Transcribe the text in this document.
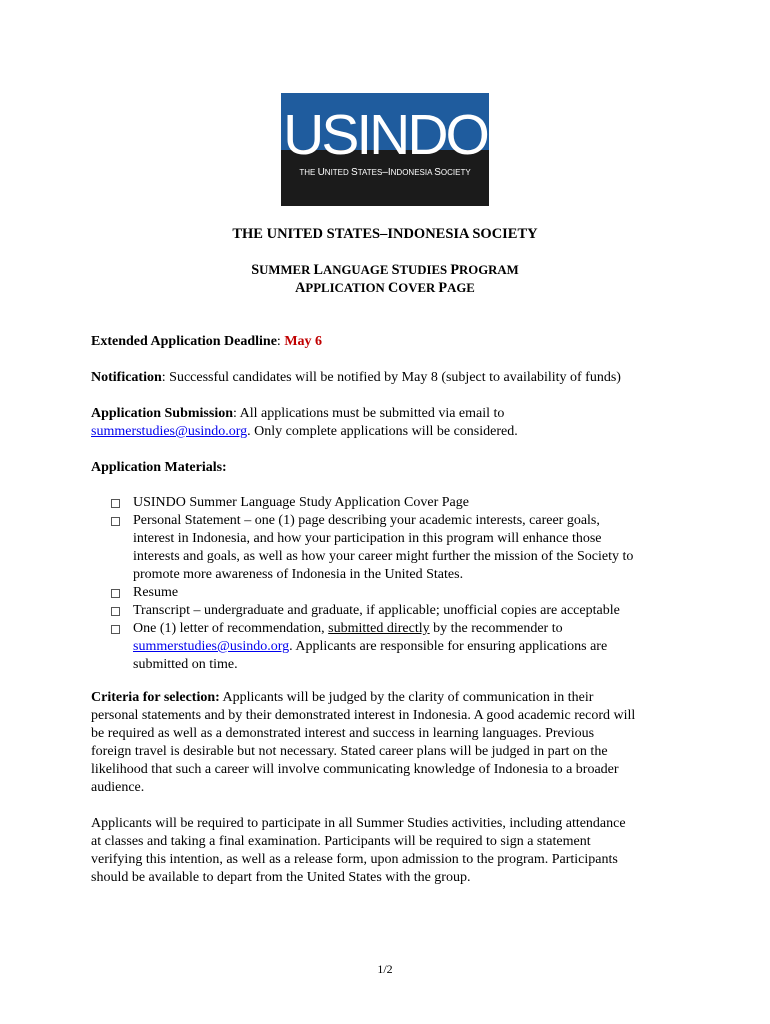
USINDO
THE UNITED STATES–INDONESIA SOCIETY
THE UNITED STATES–INDONESIA SOCIETY
SUMMER LANGUAGE STUDIES PROGRAM
APPLICATION COVER PAGE
Extended Application Deadline: May 6
Notification: Successful candidates will be notified by May 8 (subject to availability of funds)
Application Submission: All applications must be submitted via email to
summerstudies@usindo.org. Only complete applications will be considered.
Application Materials:
USINDO Summer Language Study Application Cover Page
Personal Statement – one (1) page describing your academic interests, career goals,
interest in Indonesia, and how your participation in this program will enhance those
interests and goals, as well as how your career might further the mission of the Society to
promote more awareness of Indonesia in the United States.
Resume
Transcript – undergraduate and graduate, if applicable; unofficial copies are acceptable
One (1) letter of recommendation, submitted directly by the recommender to
summerstudies@usindo.org. Applicants are responsible for ensuring applications are
submitted on time.
Criteria for selection: Applicants will be judged by the clarity of communication in their
personal statements and by their demonstrated interest in Indonesia. A good academic record will
be required as well as a demonstrated interest and success in learning languages. Previous
foreign travel is desirable but not necessary. Stated career plans will be judged in part on the
likelihood that such a career will involve communicating knowledge of Indonesia to a broader
audience.
Applicants will be required to participate in all Summer Studies activities, including attendance
at classes and taking a final examination. Participants will be required to sign a statement
verifying this intention, as well as a release form, upon admission to the program. Participants
should be available to depart from the United States with the group.
1/2
